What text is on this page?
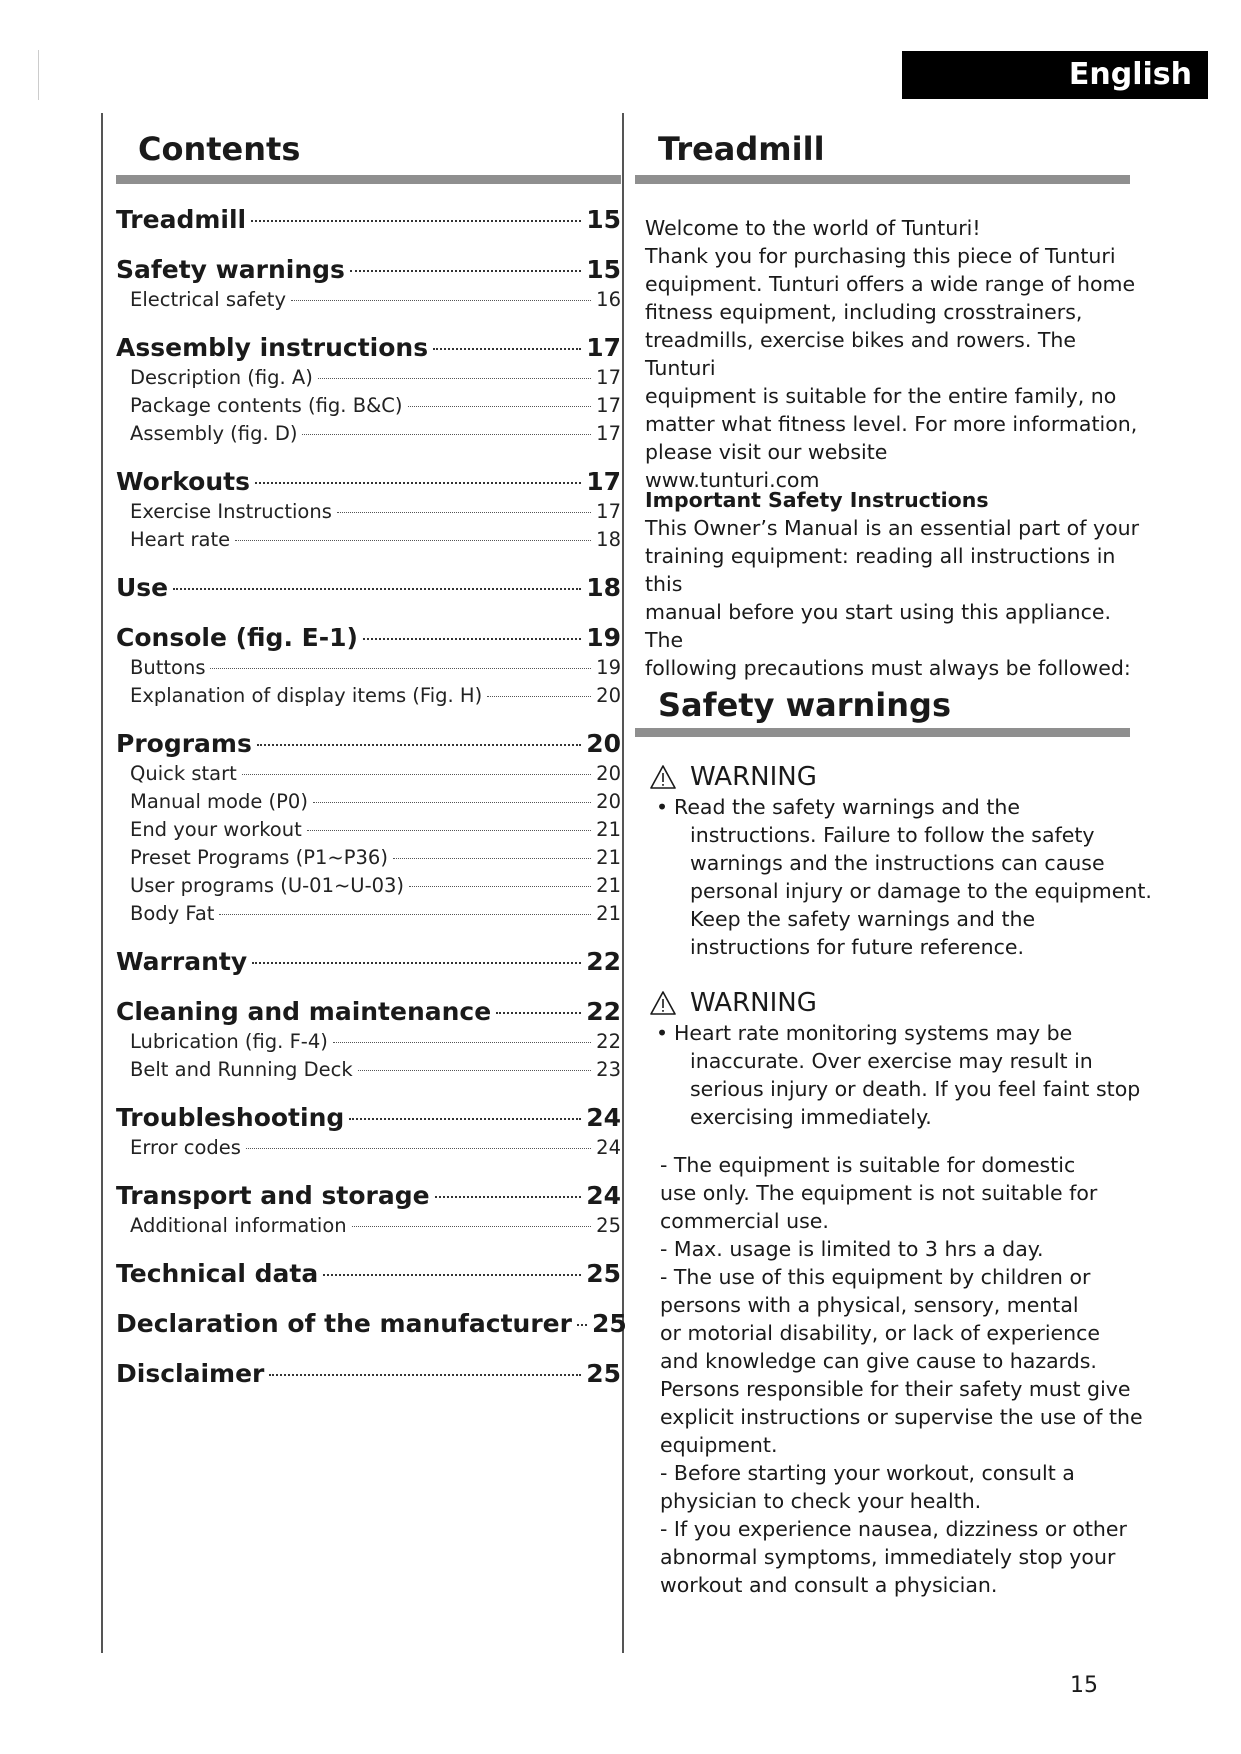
English
Contents
Treadmill	15
Safety warnings	15
Electrical safety	16
Assembly instructions	17
Description (fig. A)	17
Package contents (fig. B&C)	17
Assembly (fig. D)	17
Workouts	17
Exercise Instructions	17
Heart rate	18
Use	18
Console (fig. E-1)	19
Buttons	19
Explanation of display items (Fig. H)	20
Programs	20
Quick start	20
Manual mode (P0)	20
End your workout	21
Preset Programs (P1~P36)	21
User programs (U-01~U-03)	21
Body Fat	21
Warranty	22
Cleaning and maintenance	22
Lubrication (fig. F-4)	22
Belt and Running Deck	23
Troubleshooting	24
Error codes	24
Transport and storage	24
Additional information	25
Technical data	25
Declaration of the manufacturer 25
Disclaimer	25
Treadmill

Welcome to the world of Tunturi!

Thank you for purchasing this piece of Tunturi

equipment. Tunturi offers a wide range of home

fitness equipment, including crosstrainers,

treadmills, exercise bikes and rowers. The Tunturi

equipment is suitable for the entire family, no

matter what fitness level. For more information,

please visit our website

www.tunturi.com

Important Safety Instructions

This Owner’s Manual is an essential part of your

training equipment: reading all instructions in this

manual before you start using this appliance. The

following precautions must always be followed:

Safety warnings
WARNING
• Read the safety warnings and the
instructions. Failure to follow the safety
warnings and the instructions can cause
personal injury or damage to the equipment.
Keep the safety warnings and the
instructions for future reference.
WARNING
• Heart rate monitoring systems may be
inaccurate. Over exercise may result in
serious injury or death. If you feel faint stop
exercising immediately.
- The equipment is suitable for domestic
use only. The equipment is not suitable for
commercial use.
- Max. usage is limited to 3 hrs a day.
- The use of this equipment by children or
persons with a physical, sensory, mental
or motorial disability, or lack of experience
and knowledge can give cause to hazards.
Persons responsible for their safety must give
explicit instructions or supervise the use of the
equipment.
- Before starting your workout, consult a
physician to check your health.
- If you experience nausea, dizziness or other
abnormal symptoms, immediately stop your
workout and consult a physician.
15
